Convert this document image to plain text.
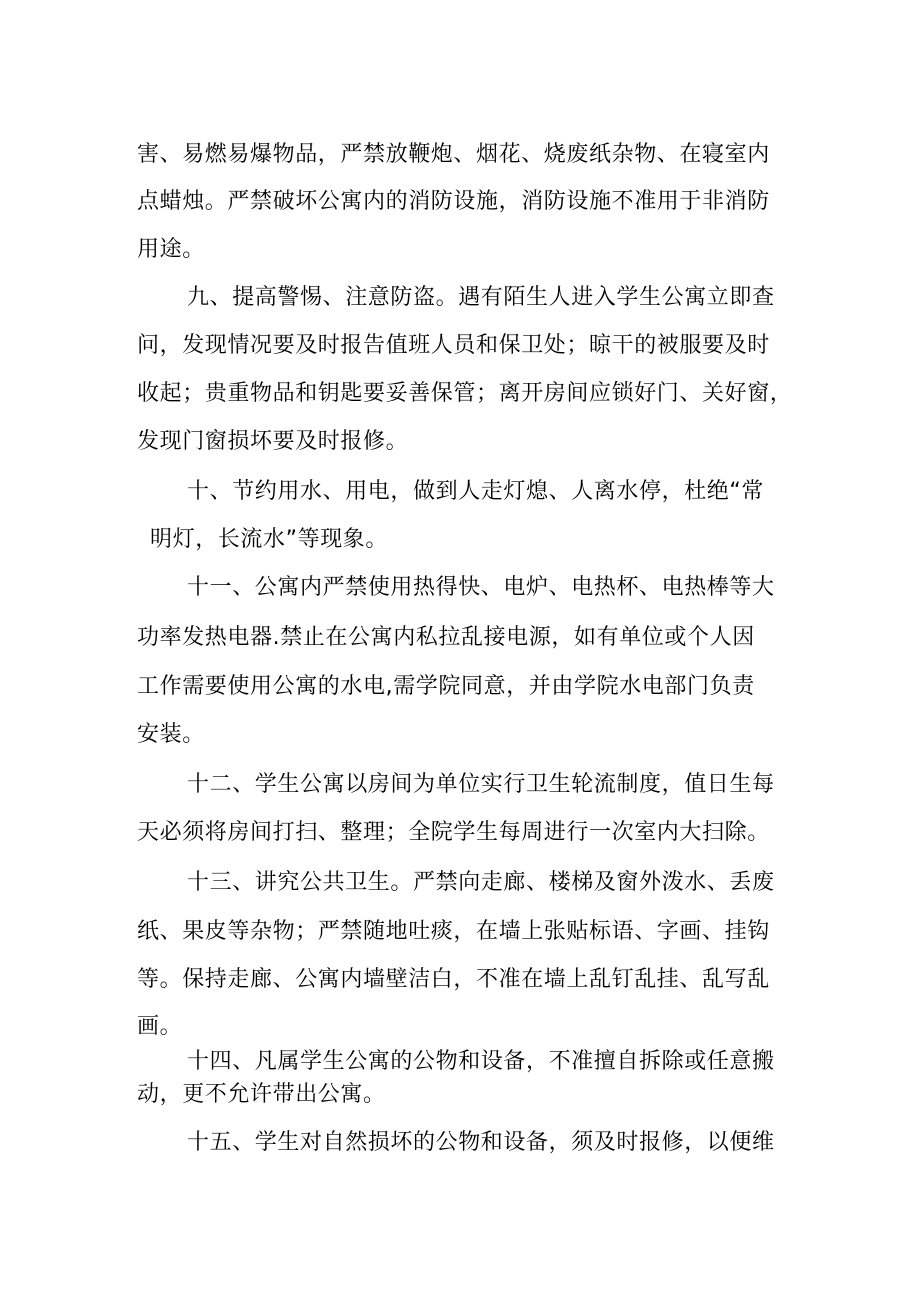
害、易燃易爆物品，严禁放鞭炮、烟花、烧废纸杂物、在寝室内
点蜡烛。严禁破坏公寓内的消防设施，消防设施不准用于非消防
用途。
九、提高警惕、注意防盗。遇有陌生人进入学生公寓立即查
问，发现情况要及时报告值班人员和保卫处；晾干的被服要及时
收起；贵重物品和钥匙要妥善保管；离开房间应锁好门、关好窗，
发现门窗损坏要及时报修。
十、节约用水、用电，做到人走灯熄、人离水停，杜绝“常
明灯，长流水”等现象。
十一、公寓内严禁使用热得快、电炉、电热杯、电热棒等大
功率发热电器.禁止在公寓内私拉乱接电源，如有单位或个人因
工作需要使用公寓的水电,需学院同意，并由学院水电部门负责
安装。
十二、学生公寓以房间为单位实行卫生轮流制度，值日生每
天必须将房间打扫、整理；全院学生每周进行一次室内大扫除。
十三、讲究公共卫生。严禁向走廊、楼梯及窗外泼水、丢废
纸、果皮等杂物；严禁随地吐痰，在墙上张贴标语、字画、挂钩
等。保持走廊、公寓内墙壁洁白，不准在墙上乱钉乱挂、乱写乱
画。
十四、凡属学生公寓的公物和设备，不准擅自拆除或任意搬
动，更不允许带出公寓。
十五、学生对自然损坏的公物和设备，须及时报修，以便维
